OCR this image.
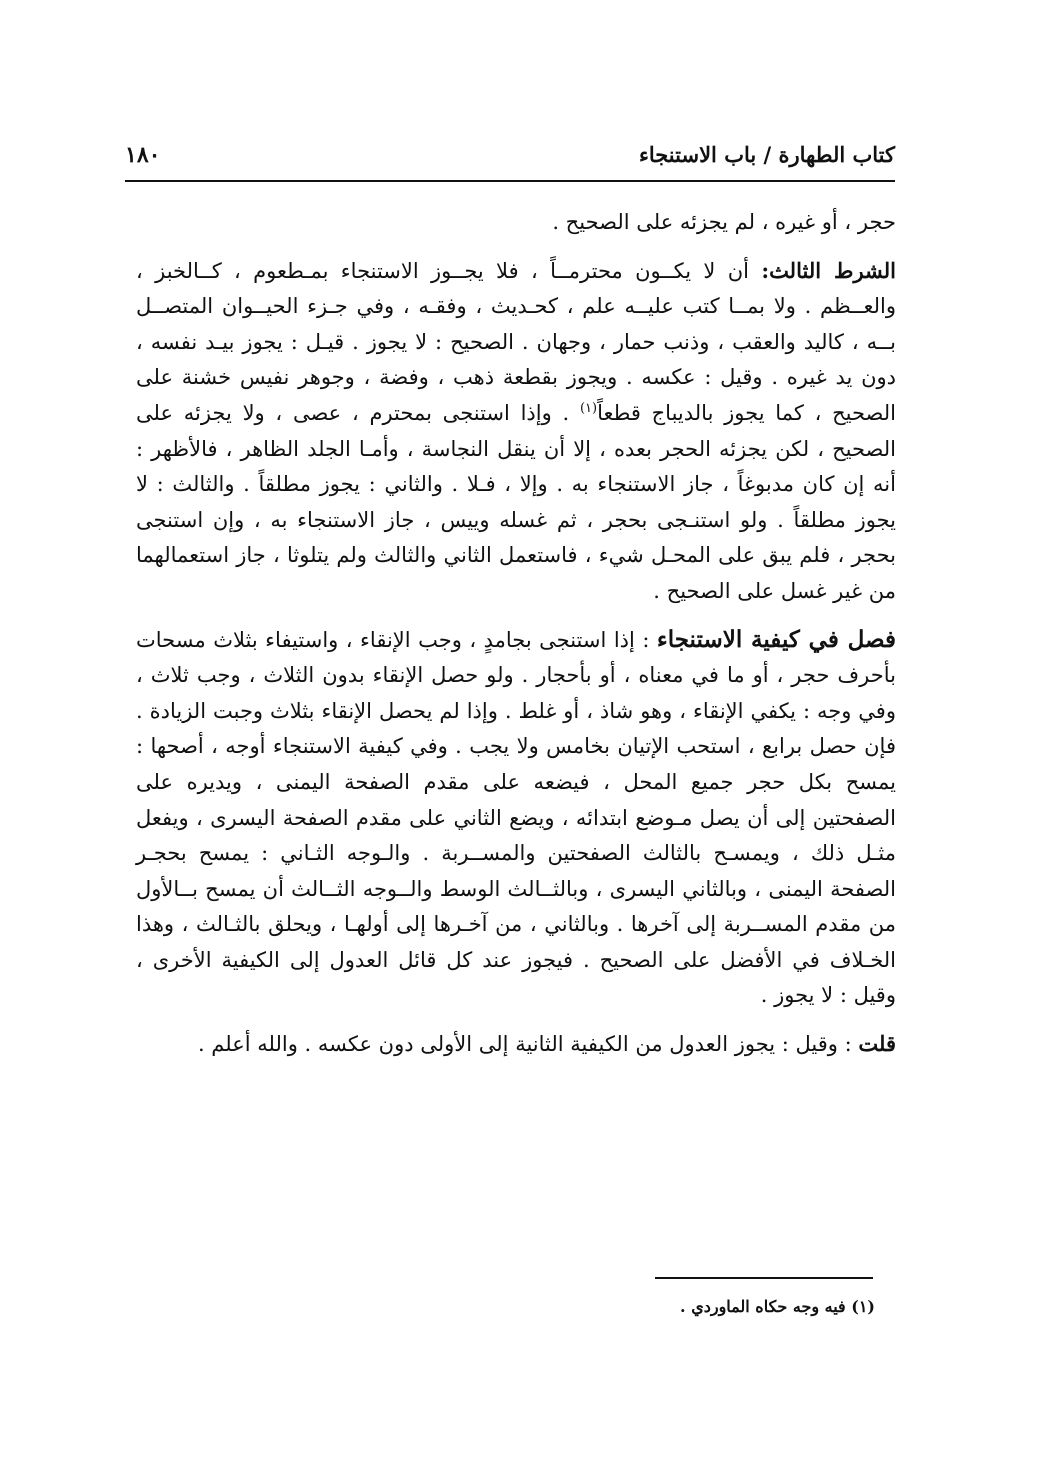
كتاب الطهارة / باب الاستنجاء
١٨٠

حجر ، أو غيره ، لم يجزئه على الصحيح .

الشرط الثالث: أن لا يكــون محترمــاً ، فلا يجــوز الاستنجاء بمـطعوم ، كــالخبز ، والعــظم . ولا بمــا كتب عليــه علم ، كحـديث ، وفقـه ، وفي جـزء الحيــوان المتصــل بــه ، كاليد والعقب ، وذنب حمار ، وجهان . الصحيح : لا يجوز . قيـل : يجوز بيـد نفسه ، دون يد غيره . وقيل : عكسه . ويجوز بقطعة ذهب ، وفضة ، وجوهر نفيس خشنة على الصحيح ، كما يجوز بالديباج قطعاً$^{(١)}$ . وإذا استنجى بمحترم ، عصى ، ولا يجزئه على الصحيح ، لكن يجزئه الحجر بعده ، إلا أن ينقل النجاسة ، وأمـا الجلد الظاهر ، فالأظهر : أنه إن كان مدبوغاً ، جاز الاستنجاء به . وإلا ، فـلا . والثاني : يجوز مطلقاً . والثالث : لا يجوز مطلقاً . ولو استنـجى بحجر ، ثم غسله وييس ، جاز الاستنجاء به ، وإن استنجى بحجر ، فلم يبق على المحـل شيء ، فاستعمل الثاني والثالث ولم يتلوثا ، جاز استعمالهما من غير غسل على الصحيح .

فصل في كيفية الاستنجاء : إذا استنجى بجامدٍ ، وجب الإنقاء ، واستيفاء بثلاث مسحات بأحرف حجر ، أو ما في معناه ، أو بأحجار . ولو حصل الإنقاء بدون الثلاث ، وجب ثلاث ، وفي وجه : يكفي الإنقاء ، وهو شاذ ، أو غلط . وإذا لم يحصل الإنقاء بثلاث وجبت الزيادة . فإن حصل برابع ، استحب الإتيان بخامس ولا يجب . وفي كيفية الاستنجاء أوجه ، أصحها : يمسح بكل حجر جميع المحل ، فيضعه على مقدم الصفحة اليمنى ، ويديره على الصفحتين إلى أن يصل مـوضع ابتدائه ، ويضع الثاني على مقدم الصفحة اليسرى ، ويفعل مثـل ذلك ، ويمسـح بالثالث الصفحتين والمســربة . والـوجه الثـاني : يمسح بحجـر الصفحة اليمنى ، وبالثاني اليسرى ، وبالثــالث الوسط والــوجه الثــالث أن يمسح بــالأول من مقدم المســربة إلى آخرها . وبالثاني ، من آخـرها إلى أولهـا ، ويحلق بالثـالث ، وهذا الخـلاف في الأفضل على الصحيح . فيجوز عند كل قائل العدول إلى الكيفية الأخرى ، وقيل : لا يجوز .

قلت : وقيل : يجوز العدول من الكيفية الثانية إلى الأولى دون عكسه . والله أعلم .

(١) فيه وجه حكاه الماوردي .
